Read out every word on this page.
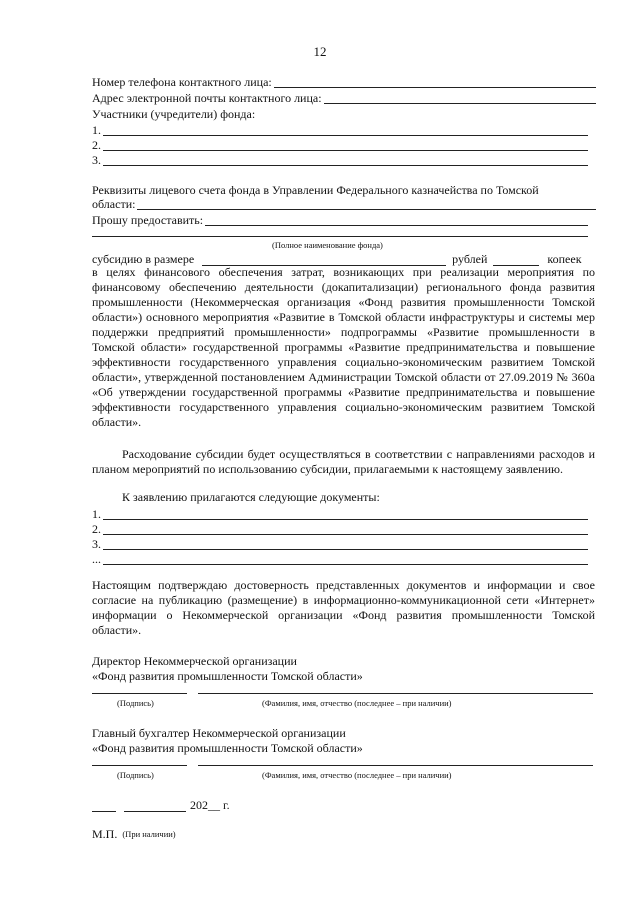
12
Номер телефона контактного лица:
Адрес электронной почты контактного лица:
Участники (учредители) фонда:
1.
2.
3.
Реквизиты лицевого счета фонда в Управлении Федерального казначейства по Томской
области:
Прошу предоставить:
(Полное наименование фонда)
субсидию в размере	рублей	копеек
в целях финансового обеспечения затрат, возникающих при реализации мероприятия по финансовому обеспечению деятельности (докапитализации) регионального фонда развития промышленности (Некоммерческая организация «Фонд развития промышленности Томской области») основного мероприятия «Развитие в Томской области инфраструктуры и системы мер поддержки предприятий промышленности» подпрограммы «Развитие промышленности в Томской области» государственной программы «Развитие предпринимательства и повышение эффективности государственного управления социально-экономическим развитием Томской области», утвержденной постановлением Администрации Томской области от 27.09.2019 № 360а «Об утверждении государственной программы «Развитие предпринимательства и повышение эффективности государственного управления социально-экономическим развитием Томской области».
Расходование субсидии будет осуществляться в соответствии с направлениями расходов и планом мероприятий по использованию субсидии, прилагаемыми к настоящему заявлению.
К заявлению прилагаются следующие документы:
1.
2.
3.
...
Настоящим подтверждаю достоверность представленных документов и информации и свое согласие на публикацию (размещение) в информационно-коммуникационной сети «Интернет» информации о Некоммерческой организации «Фонд развития промышленности Томской области».
Директор Некоммерческой организации
«Фонд развития промышленности Томской области»
(Подпись)	(Фамилия, имя, отчество (последнее – при наличии)
Главный бухгалтер Некоммерческой организации
«Фонд развития промышленности Томской области»
(Подпись)	(Фамилия, имя, отчество (последнее – при наличии)
202__ г.
М.П. (При наличии)
